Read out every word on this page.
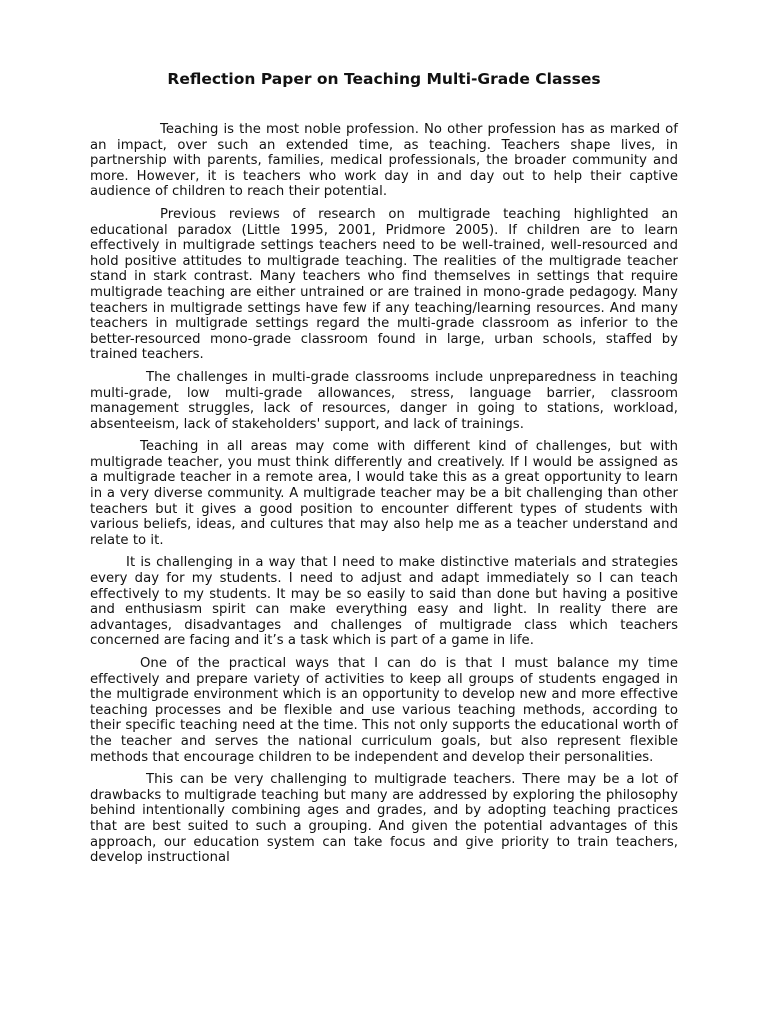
Reflection Paper on Teaching Multi-Grade Classes

Teaching is the most noble profession. No other profession has as marked of an impact, over such an extended time, as teaching. Teachers shape lives, in partnership with parents, families, medical professionals, the broader community and more. However, it is teachers who work day in and day out to help their captive audience of children to reach their potential.

Previous reviews of research on multigrade teaching highlighted an educational paradox (Little 1995, 2001, Pridmore 2005). If children are to learn effectively in multigrade settings teachers need to be well-trained, well-resourced and hold positive attitudes to multigrade teaching. The realities of the multigrade teacher stand in stark contrast. Many teachers who find themselves in settings that require multigrade teaching are either untrained or are trained in mono-grade pedagogy. Many teachers in multigrade settings have few if any teaching/learning resources. And many teachers in multigrade settings regard the multi-grade classroom as inferior to the better-resourced mono-grade classroom found in large, urban schools, staffed by trained teachers.

The challenges in multi-grade classrooms include unpreparedness in teaching multi-grade, low multi-grade allowances, stress, language barrier, classroom management struggles, lack of resources, danger in going to stations, workload, absenteeism, lack of stakeholders' support, and lack of trainings.

Teaching in all areas may come with different kind of challenges, but with multigrade teacher, you must think differently and creatively. If I would be assigned as a multigrade teacher in a remote area, I would take this as a great opportunity to learn in a very diverse community. A multigrade teacher may be a bit challenging than other teachers but it gives a good position to encounter different types of students with various beliefs, ideas, and cultures that may also help me as a teacher understand and relate to it.

It is challenging in a way that I need to make distinctive materials and strategies every day for my students. I need to adjust and adapt immediately so I can teach effectively to my students. It may be so easily to said than done but having a positive and enthusiasm spirit can make everything easy and light. In reality there are advantages, disadvantages and challenges of multigrade class which teachers concerned are facing and it’s a task which is part of a game in life.

One of the practical ways that I can do is that I must balance my time effectively and prepare variety of activities to keep all groups of students engaged in the multigrade environment which is an opportunity to develop new and more effective teaching processes and be flexible and use various teaching methods, according to their specific teaching need at the time. This not only supports the educational worth of the teacher and serves the national curriculum goals, but also represent flexible methods that encourage children to be independent and develop their personalities.

This can be very challenging to multigrade teachers. There may be a lot of drawbacks to multigrade teaching but many are addressed by exploring the philosophy behind intentionally combining ages and grades, and by adopting teaching practices that are best suited to such a grouping. And given the potential advantages of this approach, our education system can take focus and give priority to train teachers, develop instructional
